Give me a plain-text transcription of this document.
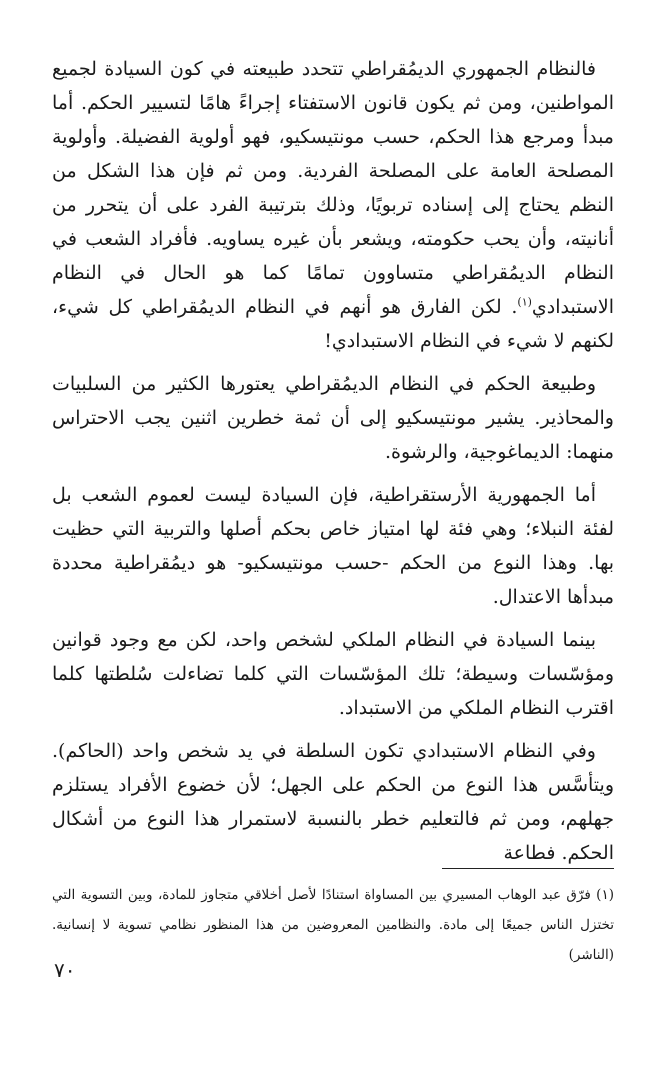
فالنظام الجمهوري الديمُقراطي تتحدد طبيعته في كون السيادة لجميع المواطنين، ومن ثم يكون قانون الاستفتاء إجراءً هامًا لتسيير الحكم. أما مبدأ ومرجع هذا الحكم، حسب مونتيسكيو، فهو أولوية الفضيلة. وأولوية المصلحة العامة على المصلحة الفردية. ومن ثم فإن هذا الشكل من النظم يحتاج إلى إسناده تربويًا، وذلك بترتيبة الفرد على أن يتحرر من أنانيته، وأن يحب حكومته، ويشعر بأن غيره يساويه. فأفراد الشعب في النظام الديمُقراطي متساوون تمامًا كما هو الحال في النظام الاستبدادي$^{(١)}$. لكن الفارق هو أنهم في النظام الديمُقراطي كل شيء، لكنهم لا شيء في النظام الاستبدادي!

وطبيعة الحكم في النظام الديمُقراطي يعتورها الكثير من السلبيات والمحاذير. يشير مونتيسكيو إلى أن ثمة خطرين اثنين يجب الاحتراس منهما: الديماغوجية، والرشوة.

أما الجمهورية الأرستقراطية، فإن السيادة ليست لعموم الشعب بل لفئة النبلاء؛ وهي فئة لها امتياز خاص بحكم أصلها والتربية التي حظيت بها. وهذا النوع من الحكم -حسب مونتيسكيو- هو ديمُقراطية محددة مبدأها الاعتدال.

بينما السيادة في النظام الملكي لشخص واحد، لكن مع وجود قوانين ومؤسّسات وسيطة؛ تلك المؤسّسات التي كلما تضاءلت سُلطتها كلما اقترب النظام الملكي من الاستبداد.

وفي النظام الاستبدادي تكون السلطة في يد شخص واحد (الحاكم). ويتأسَّس هذا النوع من الحكم على الجهل؛ لأن خضوع الأفراد يستلزم جهلهم، ومن ثم فالتعليم خطر بالنسبة لاستمرار هذا النوع من أشكال الحكم. فطاعة

(١) فرّق عبد الوهاب المسيري بين المساواة استنادًا لأصل أخلاقي متجاوز للمادة، وبين التسوية التي تختزل الناس جميعًا إلى مادة. والنظامين المعروضين من هذا المنظور نظامي تسوية لا إنسانية. (الناشر)
٧٠
